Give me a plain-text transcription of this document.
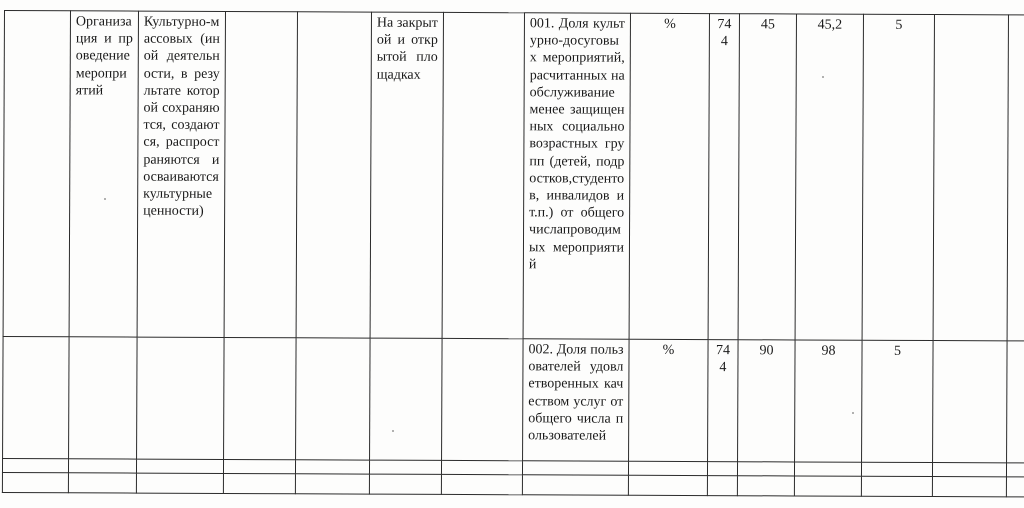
	Организация и проведение мероприятий	Культурно-массовых (иной деятельности, в результате которой сохраняются, создаются, распространяются и осваиваются культурные ценности)			На закрытой и открытой площадках		001. Доля культурно-досуговых мероприятий, расчитанных на обслуживание менее защищенных социально возрастных групп (детей, подростков,студентов, инвалидов и т.п.) от общего числапроводимых мероприятий	%	744	45	45,2	5		
							002. Доля пользователей удовлетворенных качеством услуг от общего числа пользователей	%	744	90	98	5		
